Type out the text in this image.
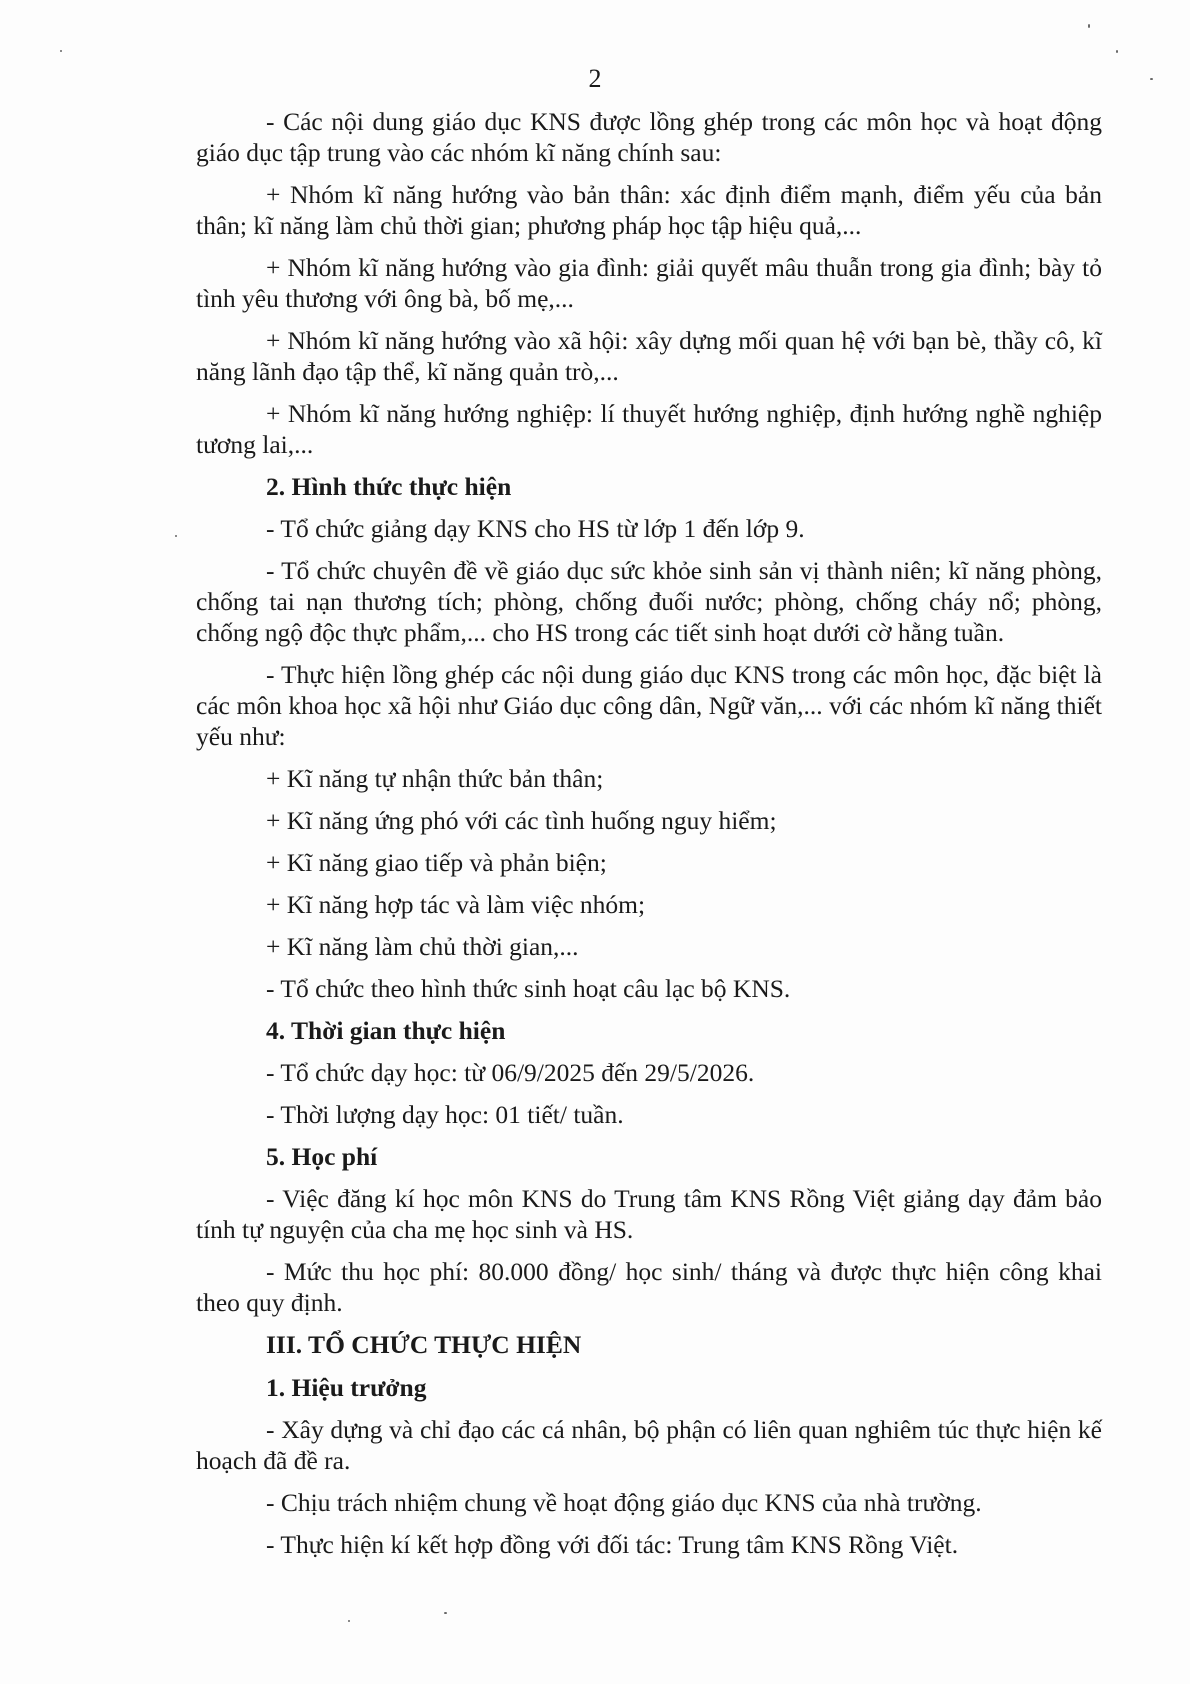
2

- Các nội dung giáo dục KNS được lồng ghép trong các môn học và hoạt động giáo dục tập trung vào các nhóm kĩ năng chính sau:

+ Nhóm kĩ năng hướng vào bản thân: xác định điểm mạnh, điểm yếu của bản thân; kĩ năng làm chủ thời gian; phương pháp học tập hiệu quả,...

+ Nhóm kĩ năng hướng vào gia đình: giải quyết mâu thuẫn trong gia đình; bày tỏ tình yêu thương với ông bà, bố mẹ,...

+ Nhóm kĩ năng hướng vào xã hội: xây dựng mối quan hệ với bạn bè, thầy cô, kĩ năng lãnh đạo tập thể, kĩ năng quản trò,...

+ Nhóm kĩ năng hướng nghiệp: lí thuyết hướng nghiệp, định hướng nghề nghiệp tương lai,...

2. Hình thức thực hiện

- Tổ chức giảng dạy KNS cho HS từ lớp 1 đến lớp 9.

- Tổ chức chuyên đề về giáo dục sức khỏe sinh sản vị thành niên; kĩ năng phòng, chống tai nạn thương tích; phòng, chống đuối nước; phòng, chống cháy nổ; phòng, chống ngộ độc thực phẩm,... cho HS trong các tiết sinh hoạt dưới cờ hằng tuần.

- Thực hiện lồng ghép các nội dung giáo dục KNS trong các môn học, đặc biệt là các môn khoa học xã hội như Giáo dục công dân, Ngữ văn,... với các nhóm kĩ năng thiết yếu như:

+ Kĩ năng tự nhận thức bản thân;

+ Kĩ năng ứng phó với các tình huống nguy hiểm;

+ Kĩ năng giao tiếp và phản biện;

+ Kĩ năng hợp tác và làm việc nhóm;

+ Kĩ năng làm chủ thời gian,...

- Tổ chức theo hình thức sinh hoạt câu lạc bộ KNS.

4. Thời gian thực hiện

- Tổ chức dạy học: từ 06/9/2025 đến 29/5/2026.

- Thời lượng dạy học: 01 tiết/ tuần.

5. Học phí

- Việc đăng kí học môn KNS do Trung tâm KNS Rồng Việt giảng dạy đảm bảo tính tự nguyện của cha mẹ học sinh và HS.

- Mức thu học phí: 80.000 đồng/ học sinh/ tháng và được thực hiện công khai theo quy định.

III. TỔ CHỨC THỰC HIỆN

1. Hiệu trưởng

- Xây dựng và chỉ đạo các cá nhân, bộ phận có liên quan nghiêm túc thực hiện kế hoạch đã đề ra.

- Chịu trách nhiệm chung về hoạt động giáo dục KNS của nhà trường.

- Thực hiện kí kết hợp đồng với đối tác: Trung tâm KNS Rồng Việt.
